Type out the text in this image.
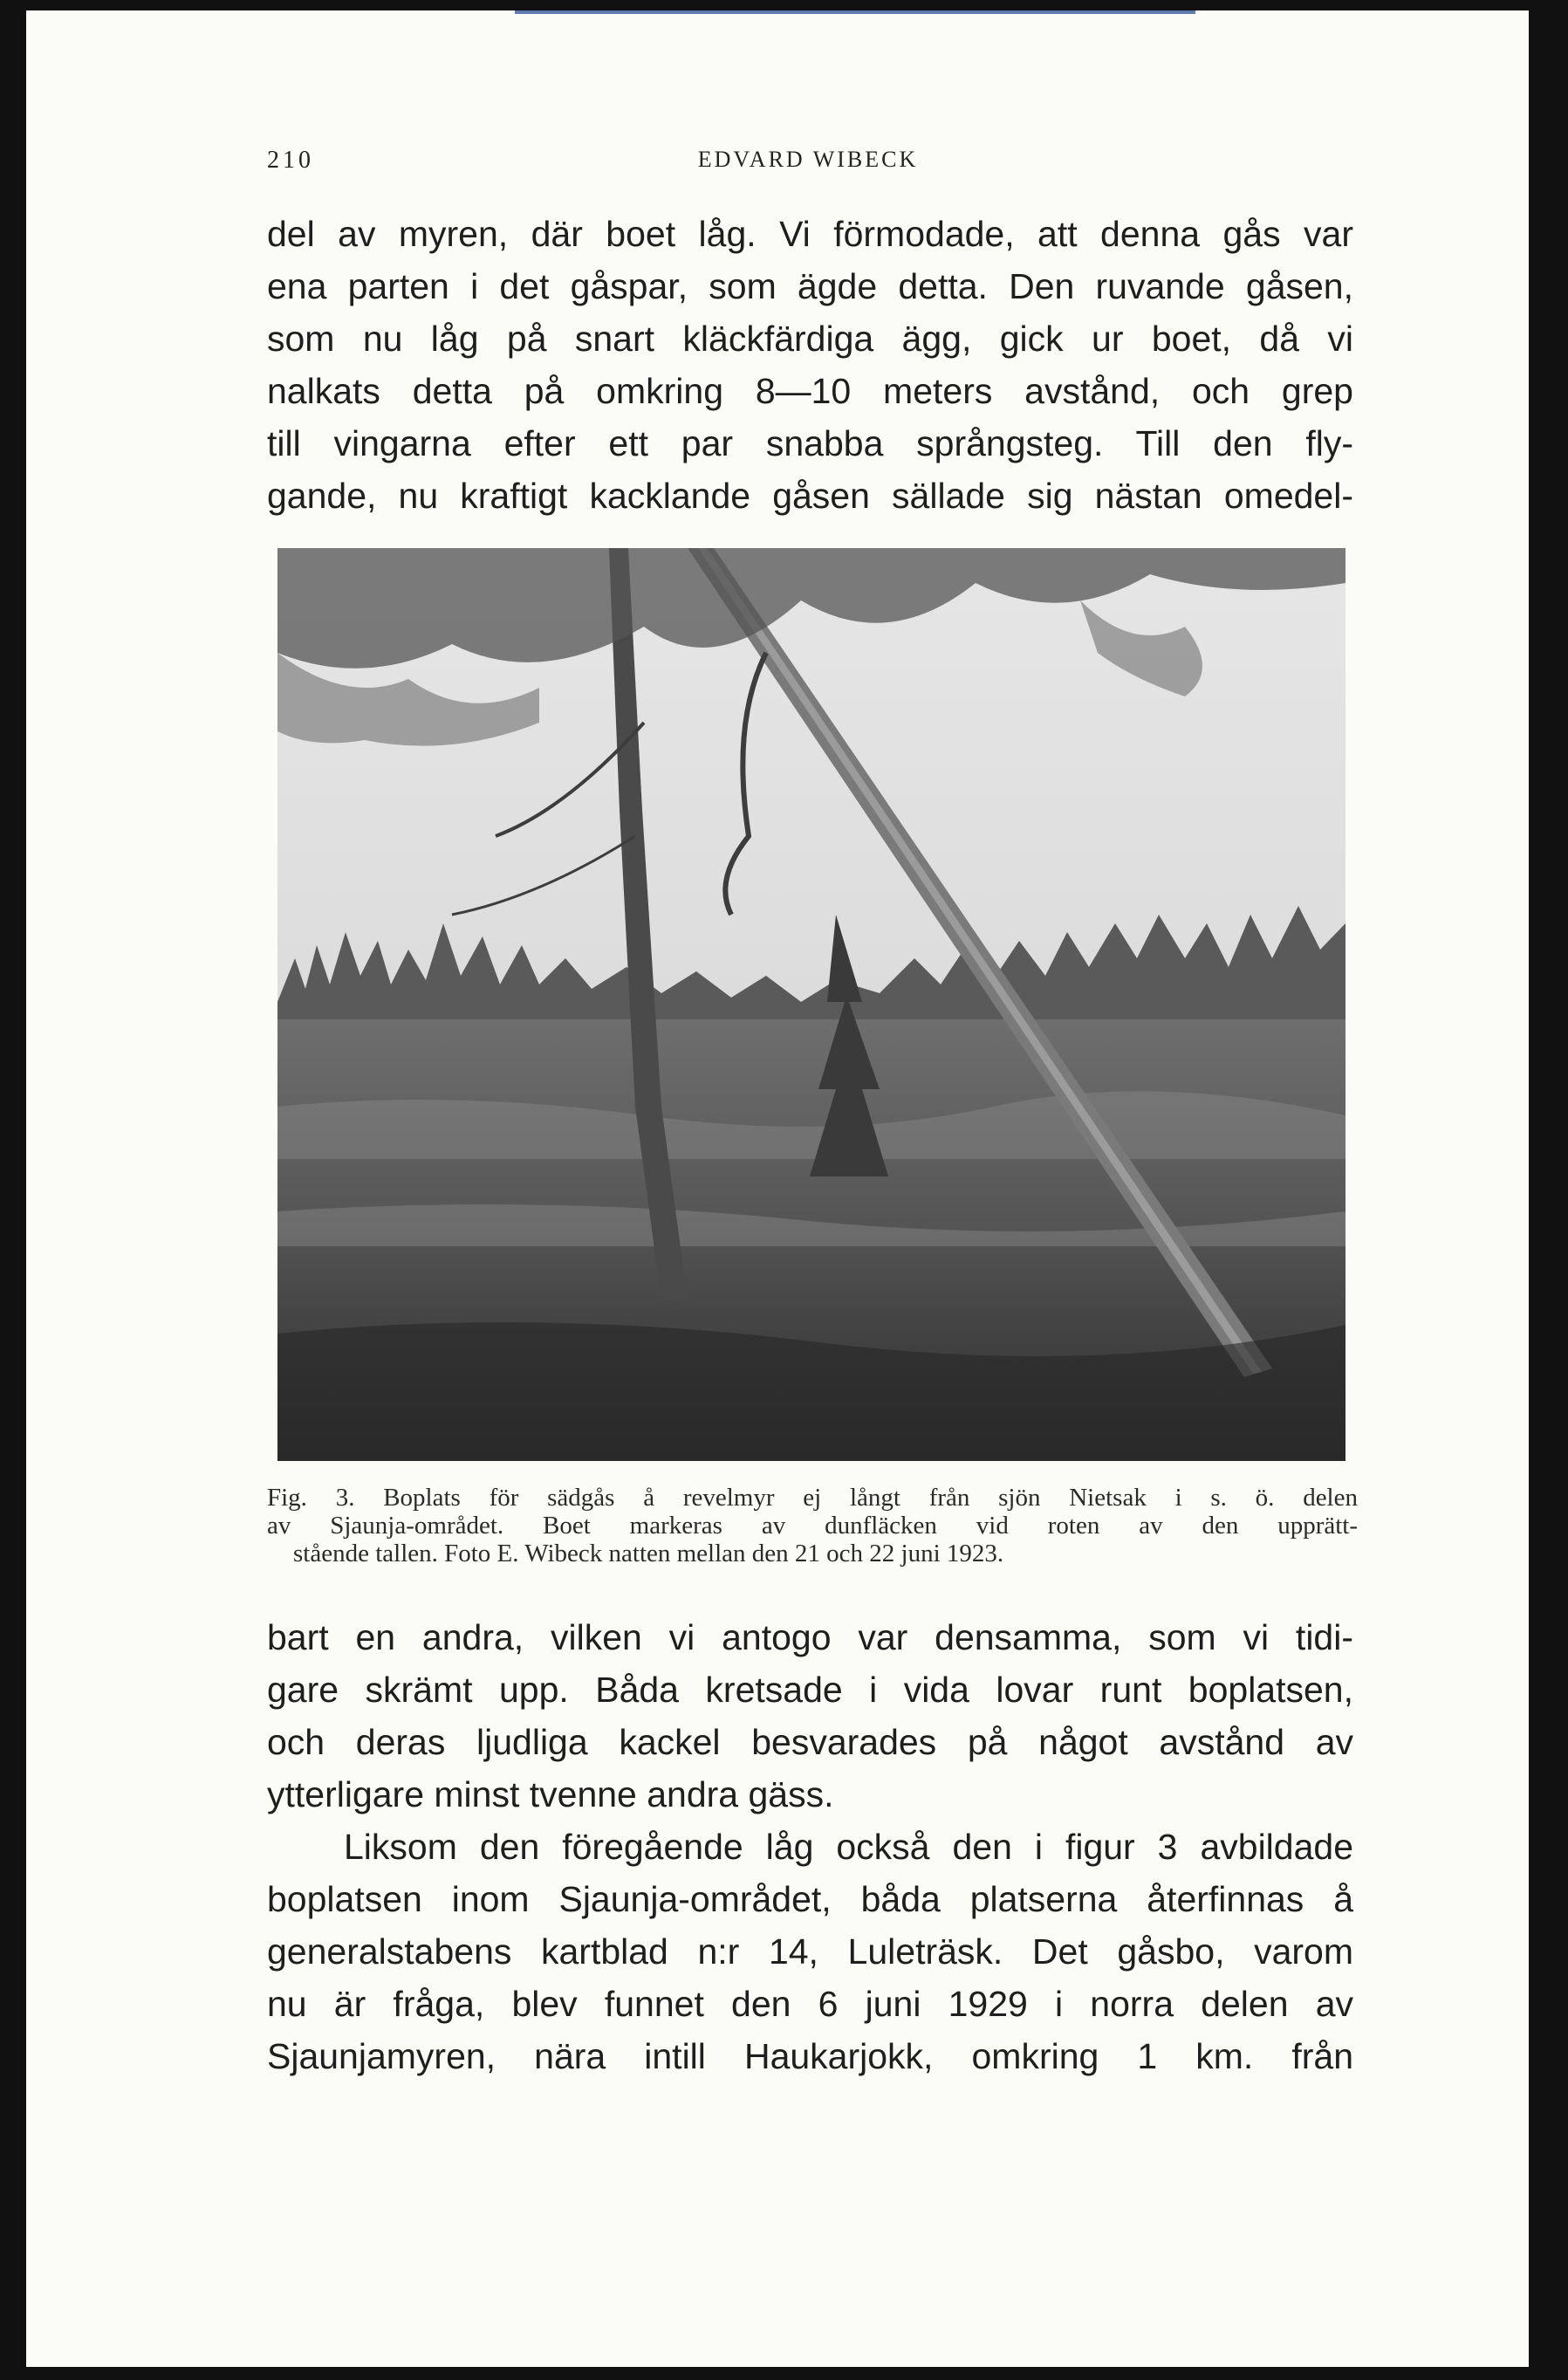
210	EDVARD WIBECK
del av myren, där boet låg. Vi förmodade, att denna gås var
ena parten i det gåspar, som ägde detta. Den ruvande gåsen,
som nu låg på snart kläckfärdiga ägg, gick ur boet, då vi
nalkats detta på omkring 8—10 meters avstånd, och grep
till vingarna efter ett par snabba språngsteg. Till den fly-
gande, nu kraftigt kacklande gåsen sällade sig nästan omedel-
Fig. 3. Boplats för sädgås å revelmyr ej långt från sjön Nietsak i s. ö. delen
av Sjaunja-området. Boet markeras av dunfläcken vid roten av den upprätt-
stående tallen. Foto E. Wibeck natten mellan den 21 och 22 juni 1923.
bart en andra, vilken vi antogo var densamma, som vi tidi-
gare skrämt upp. Båda kretsade i vida lovar runt boplatsen,
och deras ljudliga kackel besvarades på något avstånd av
ytterligare minst tvenne andra gäss.
Liksom den föregående låg också den i figur 3 avbildade
boplatsen inom Sjaunja-området, båda platserna återfinnas å
generalstabens kartblad n:r 14, Luleträsk. Det gåsbo, varom
nu är fråga, blev funnet den 6 juni 1929 i norra delen av
Sjaunjamyren, nära intill Haukarjokk, omkring 1 km. från
